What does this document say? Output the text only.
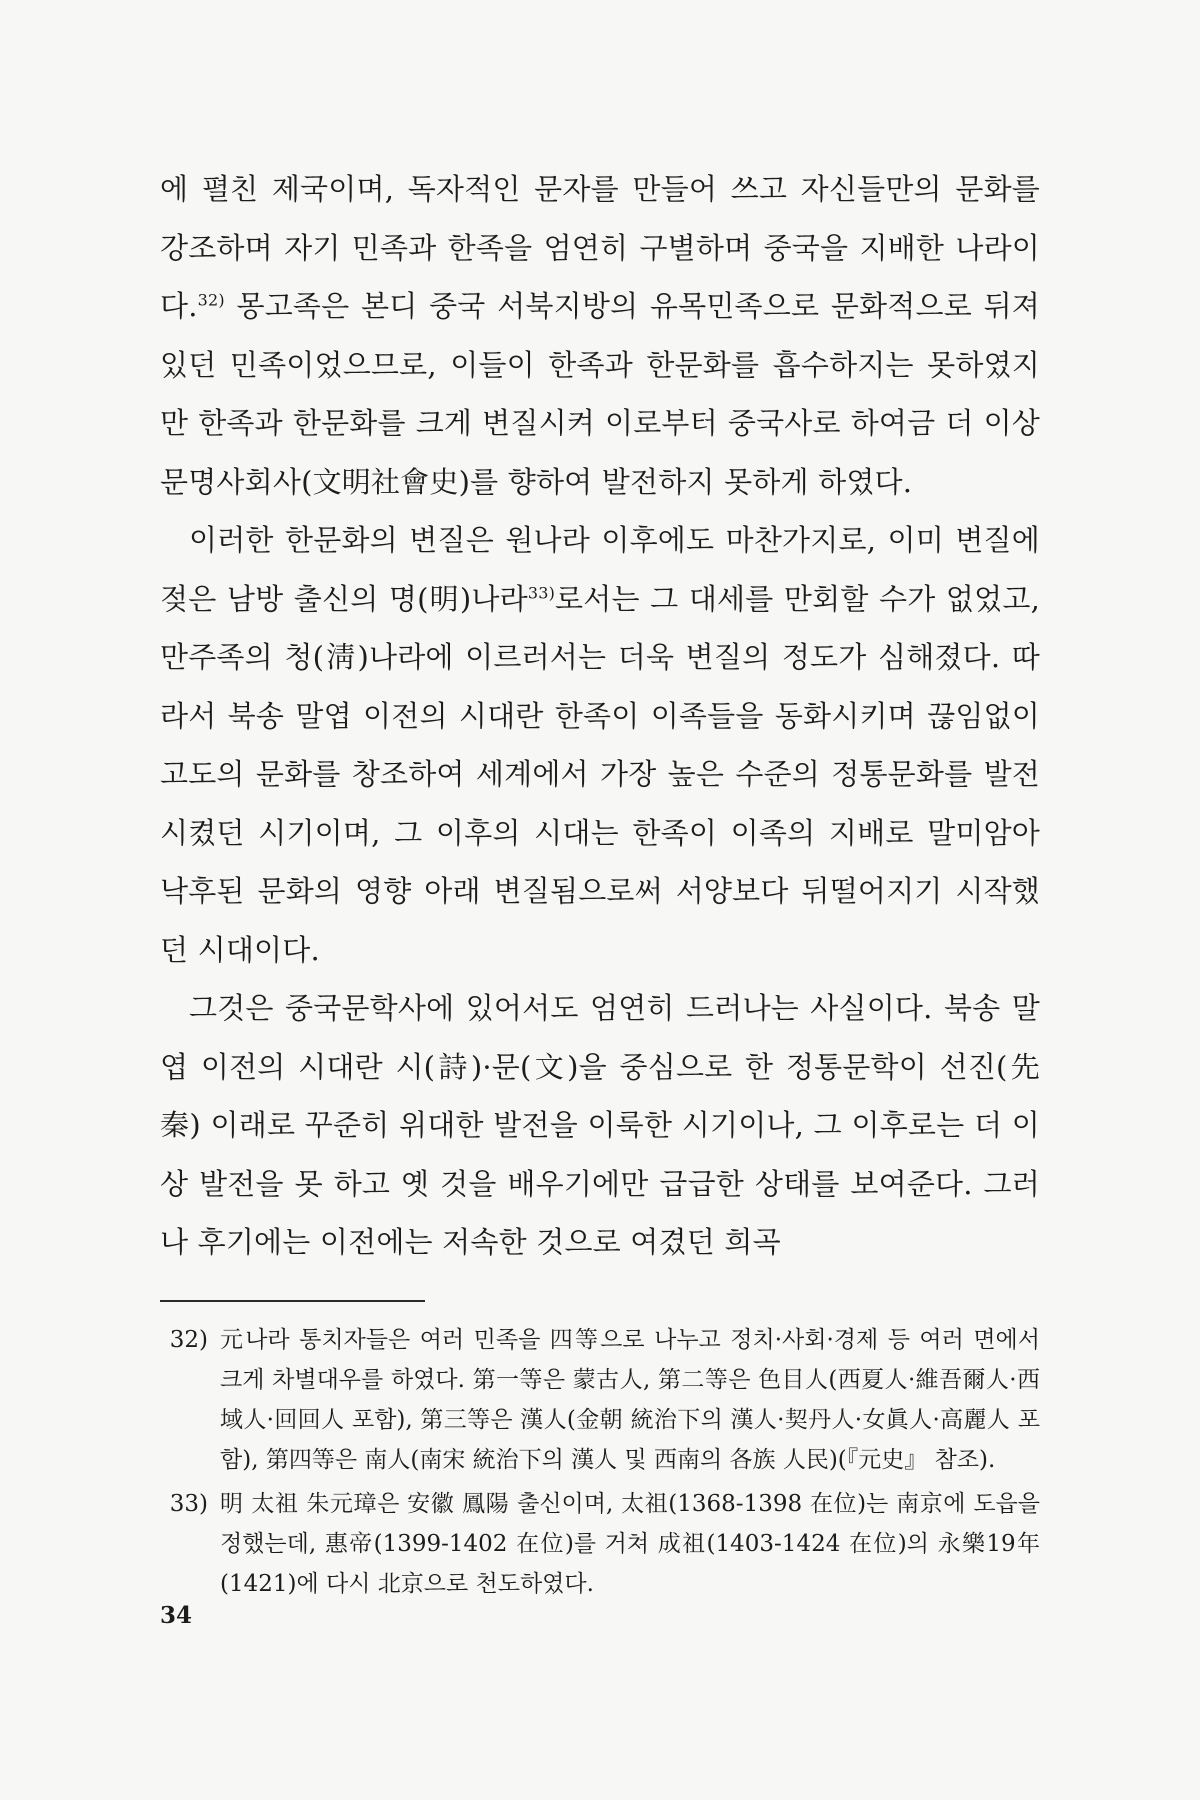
에 펼친 제국이며, 독자적인 문자를 만들어 쓰고 자신들만의 문화를 강조하며 자기 민족과 한족을 엄연히 구별하며 중국을 지배한 나라이다.$^{32)}$ 몽고족은 본디 중국 서북지방의 유목민족으로 문화적으로 뒤져 있던 민족이었으므로, 이들이 한족과 한문화를 흡수하지는 못하였지만 한족과 한문화를 크게 변질시켜 이로부터 중국사로 하여금 더 이상 문명사회사(文明社會史)를 향하여 발전하지 못하게 하였다.

이러한 한문화의 변질은 원나라 이후에도 마찬가지로, 이미 변질에 젖은 남방 출신의 명(明)나라$^{33)}$로서는 그 대세를 만회할 수가 없었고, 만주족의 청(淸)나라에 이르러서는 더욱 변질의 정도가 심해졌다. 따라서 북송 말엽 이전의 시대란 한족이 이족들을 동화시키며 끊임없이 고도의 문화를 창조하여 세계에서 가장 높은 수준의 정통문화를 발전시켰던 시기이며, 그 이후의 시대는 한족이 이족의 지배로 말미암아 낙후된 문화의 영향 아래 변질됨으로써 서양보다 뒤떨어지기 시작했던 시대이다.

그것은 중국문학사에 있어서도 엄연히 드러나는 사실이다. 북송 말엽 이전의 시대란 시(詩)·문(文)을 중심으로 한 정통문학이 선진(先秦) 이래로 꾸준히 위대한 발전을 이룩한 시기이나, 그 이후로는 더 이상 발전을 못 하고 옛 것을 배우기에만 급급한 상태를 보여준다. 그러나 후기에는 이전에는 저속한 것으로 여겼던 희곡

32) 元나라 통치자들은 여러 민족을 四等으로 나누고 정치·사회·경제 등 여러 면에서 크게 차별대우를 하였다. 第一等은 蒙古人, 第二等은 色目人(西夏人·維吾爾人·西域人·回回人 포함), 第三等은 漢人(金朝 統治下의 漢人·契丹人·女眞人·高麗人 포함), 第四等은 南人(南宋 統治下의 漢人 및 西南의 各族 人民)(『元史』 참조).
33) 明 太祖 朱元璋은 安徽 鳳陽 출신이며, 太祖(1368-1398 在位)는 南京에 도읍을 정했는데, 惠帝(1399-1402 在位)를 거쳐 成祖(1403-1424 在位)의 永樂19年(1421)에 다시 北京으로 천도하였다.
34
